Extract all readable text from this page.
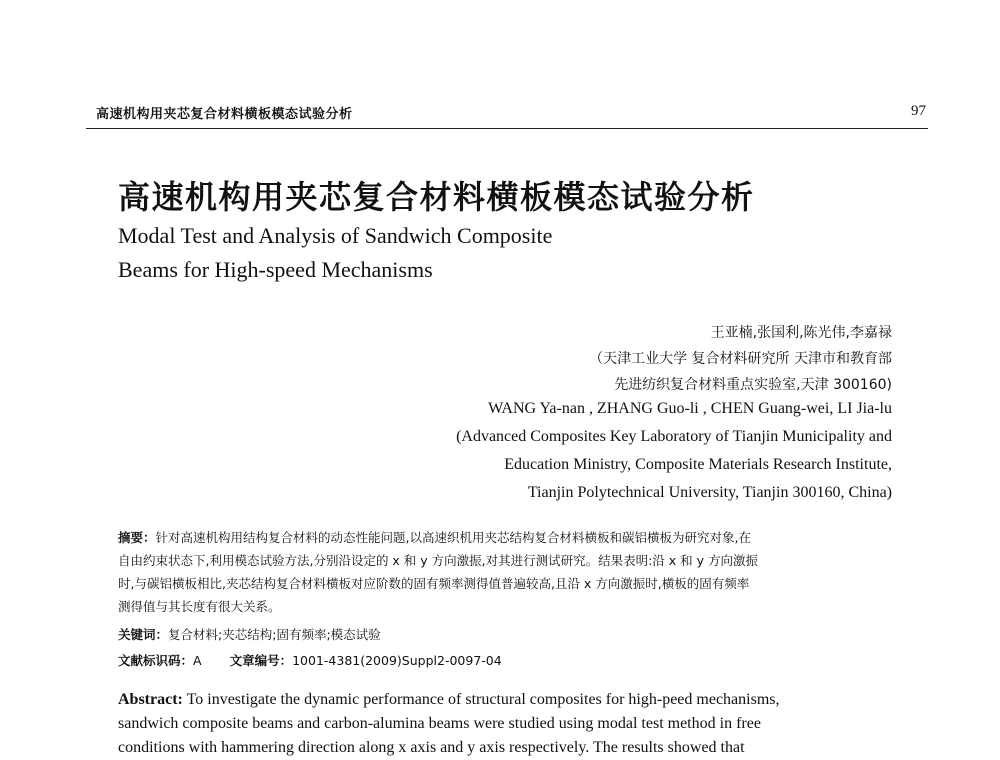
高速机构用夹芯复合材料横板模态试验分析	97
高速机构用夹芯复合材料横板模态试验分析
Modal Test and Analysis of Sandwich Composite
Beams for High-speed Mechanisms
王亚楠,张国利,陈光伟,李嘉禄
（天津工业大学 复合材料研究所 天津市和教育部
先进纺织复合材料重点实验室,天津 300160)
WANG Ya-nan , ZHANG Guo-li , CHEN Guang-wei, LI Jia-lu
(Advanced Composites Key Laboratory of Tianjin Municipality and
Education Ministry, Composite Materials Research Institute,
Tianjin Polytechnical University, Tianjin 300160, China)
摘要：针对高速机构用结构复合材料的动态性能问题,以高速织机用夹芯结构复合材料横板和碳铝横板为研究对象,在
自由约束状态下,利用模态试验方法,分别沿设定的 x 和 y 方向激振,对其进行测试研究。结果表明:沿 x 和 y 方向激振
时,与碳铝横板相比,夹芯结构复合材料横板对应阶数的固有频率测得值普遍较高,且沿 x 方向激振时,横板的固有频率
测得值与其长度有很大关系。
关键词：复合材料;夹芯结构;固有频率;模态试验
文献标识码：A 文章编号：1001-4381(2009)Suppl2-0097-04
Abstract: To investigate the dynamic performance of structural composites for high-peed mechanisms,
sandwich composite beams and carbon-alumina beams were studied using modal test method in free
conditions with hammering direction along x axis and y axis respectively. The results showed that
